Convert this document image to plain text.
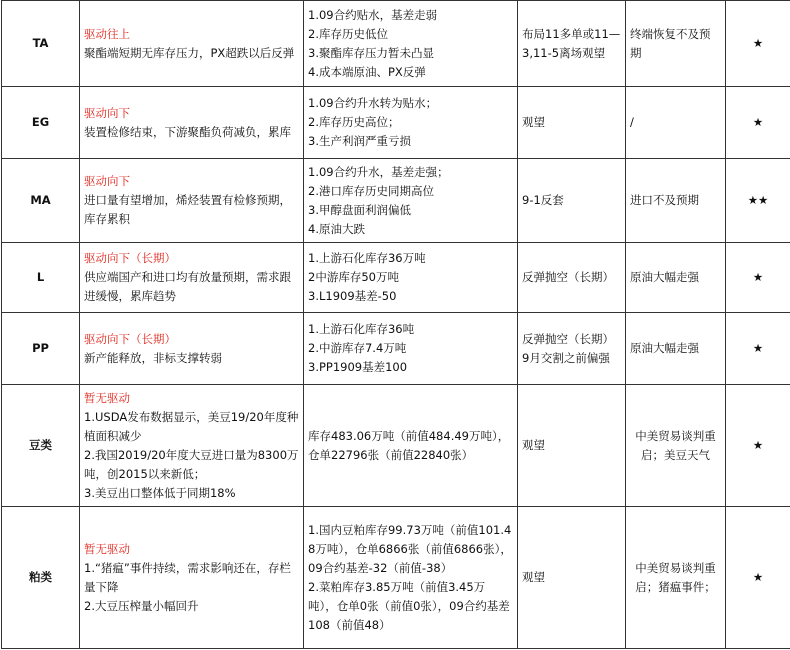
TA	驱动往上
聚酯端短期无库存压力，PX超跌以后反弹	1.09合约贴水，基差走弱
2.库存历史低位
3.聚酯库存压力暂未凸显
4.成本端原油、PX反弹	布局11多单或11—3,11-5离场观望	终端恢复不及预期	★
EG	驱动向下
装置检修结束，下游聚酯负荷减负，累库	1.09合约升水转为贴水；
2.库存历史高位；
3.生产利润严重亏损	观望	/	★
MA	驱动向下
进口量有望增加，烯烃装置有检修预期，库存累积	1.09合约升水，基差走强；
2.港口库存历史同期高位
3.甲醇盘面利润偏低
4.原油大跌	9-1反套	进口不及预期	★★
L	驱动向下（长期）
供应端国产和进口均有放量预期，需求跟进缓慢，累库趋势	1.上游石化库存36万吨
2中游库存50万吨
3.L1909基差-50	反弹抛空（长期）	原油大幅走强	★
PP	驱动向下（长期）
新产能释放，非标支撑转弱	1.上游石化库存36吨
2.中游库存7.4万吨
3.PP1909基差100	反弹抛空（长期）9月交割之前偏强	原油大幅走强	★
豆类	暂无驱动
1.USDA发布数据显示，美豆19/20年度种植面积减少
2.我国2019/20年度大豆进口量为8300万吨，创2015以来新低；
3.美豆出口整体低于同期18%	库存483.06万吨（前值484.49万吨），仓单22796张（前值22840张）	观望	中美贸易谈判重启；美豆天气	★
粕类	暂无驱动
1.“猪瘟”事件持续，需求影响还在，存栏量下降
2.大豆压榨量小幅回升	1.国内豆粕库存99.73万吨（前值101.48万吨），仓单6866张（前值6866张），09合约基差-32（前值-38）
2.菜粕库存3.85万吨（前值3.45万吨），仓单0张（前值0张），09合约基差108（前值48）	观望	中美贸易谈判重启；猪瘟事件；	★
